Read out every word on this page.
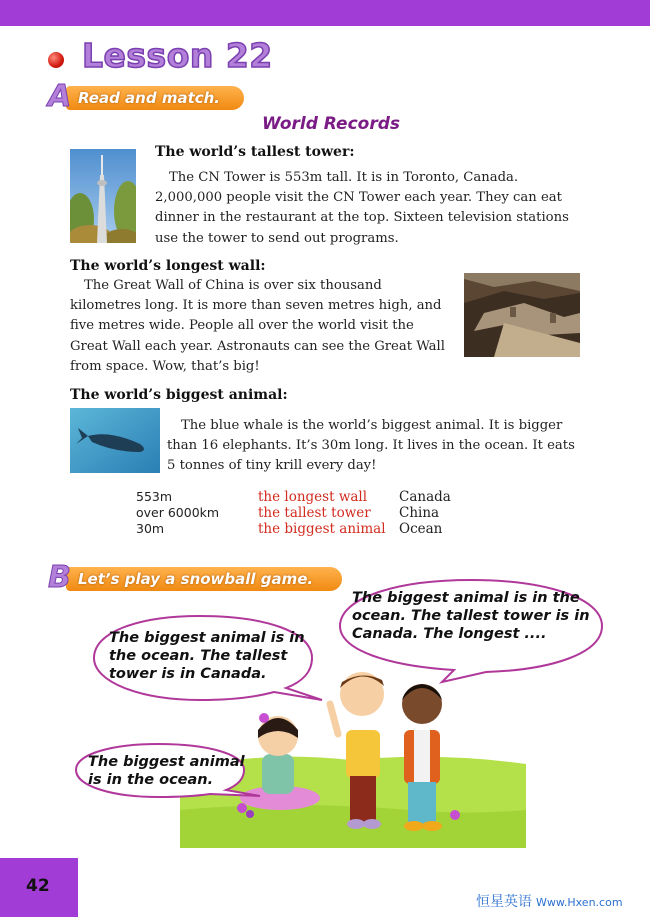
Lesson 22
Read and match.
A
World Records
The world’s tallest tower:
The CN Tower is 553m tall. It is in Toronto, Canada. 2,000,000 people visit the CN Tower each year. They can eat dinner in the restaurant at the top. Sixteen television stations use the tower to send out programs.
The world’s longest wall:
The Great Wall of China is over six thousand kilometres long. It is more than seven metres high, and five metres wide. People all over the world visit the Great Wall each year. Astronauts can see the Great Wall from space. Wow, that’s big!
The world’s biggest animal:
The blue whale is the world’s biggest animal. It is bigger than 16 elephants. It’s 30m long. It lives in the ocean. It eats 5 tonnes of tiny krill every day!
553m
over 6000km
30m
the longest wall
the tallest tower
the biggest animal
Canada
China
Ocean
Let’s play a snowball game.
B
The biggest animal is in the ocean. The tallest tower is in Canada. The longest ....
The biggest animal is in the ocean. The tallest tower is in Canada.
The biggest animal is in the ocean.
42
恒星英语 Www.Hxen.com
